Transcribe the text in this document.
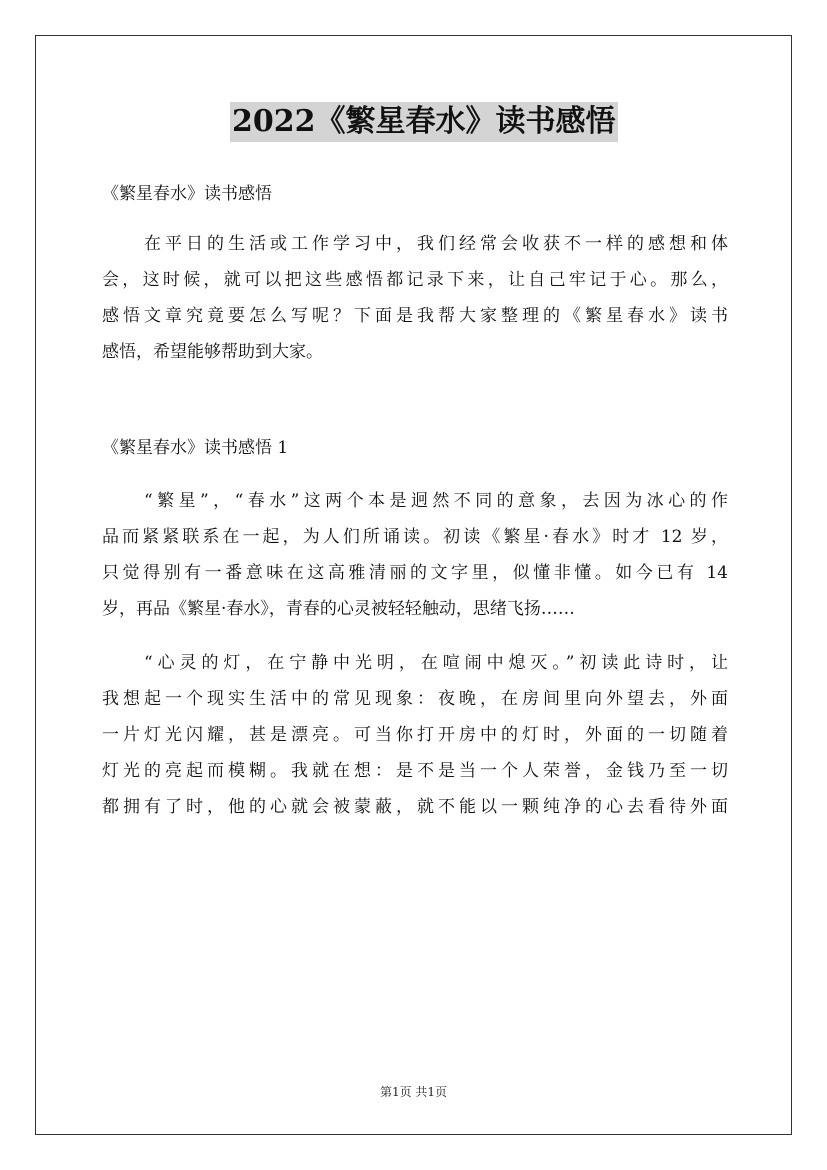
2022《繁星春水》读书感悟
《繁星春水》读书感悟
在平日的生活或工作学习中，我们经常会收获不一样的感想和体
会，这时候，就可以把这些感悟都记录下来，让自己牢记于心。那么，
感悟文章究竟要怎么写呢？下面是我帮大家整理的《繁星春水》读书
感悟，希望能够帮助到大家。
《繁星春水》读书感悟 1
“繁星”，“春水”这两个本是迥然不同的意象，去因为冰心的作
品而紧紧联系在一起，为人们所诵读。初读《繁星·春水》时才 12 岁，
只觉得别有一番意味在这高雅清丽的文字里，似懂非懂。如今已有 14
岁，再品《繁星·春水》，青春的心灵被轻轻触动，思绪飞扬……
“心灵的灯，在宁静中光明，在喧闹中熄灭。”初读此诗时，让
我想起一个现实生活中的常见现象：夜晚，在房间里向外望去，外面
一片灯光闪耀，甚是漂亮。可当你打开房中的灯时，外面的一切随着
灯光的亮起而模糊。我就在想：是不是当一个人荣誉，金钱乃至一切
都拥有了时，他的心就会被蒙蔽，就不能以一颗纯净的心去看待外面
第1页 共1页
